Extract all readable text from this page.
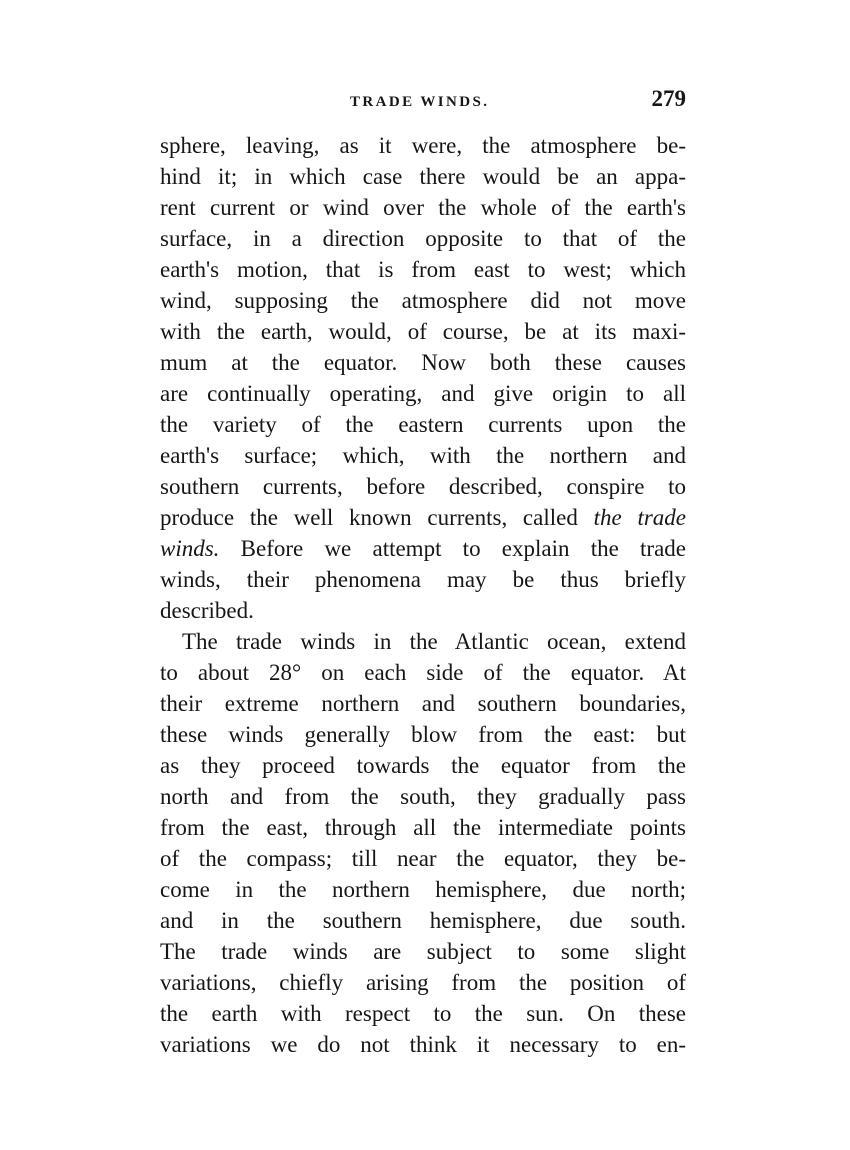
TRADE WINDS.	279
sphere, leaving, as it were, the atmosphere be-
hind it; in which case there would be an appa-
rent current or wind over the whole of the earth's
surface, in a direction opposite to that of the
earth's motion, that is from east to west; which
wind, supposing the atmosphere did not move
with the earth, would, of course, be at its maxi-
mum at the equator. Now both these causes
are continually operating, and give origin to all
the variety of the eastern currents upon the
earth's surface; which, with the northern and
southern currents, before described, conspire to
produce the well known currents, called the trade
winds. Before we attempt to explain the trade
winds, their phenomena may be thus briefly
described.
The trade winds in the Atlantic ocean, extend
to about 28° on each side of the equator. At
their extreme northern and southern boundaries,
these winds generally blow from the east: but
as they proceed towards the equator from the
north and from the south, they gradually pass
from the east, through all the intermediate points
of the compass; till near the equator, they be-
come in the northern hemisphere, due north;
and in the southern hemisphere, due south.
The trade winds are subject to some slight
variations, chiefly arising from the position of
the earth with respect to the sun. On these
variations we do not think it necessary to en-
